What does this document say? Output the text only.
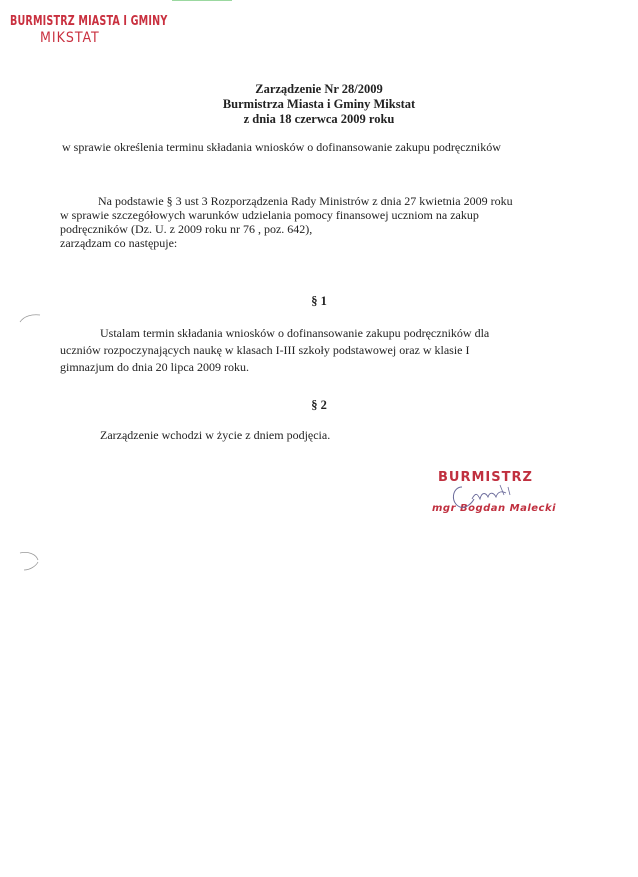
BURMISTRZ MIASTA I GMINY
MIKSTAT
Zarządzenie Nr 28/2009
Burmistrza Miasta i Gminy Mikstat
z dnia 18 czerwca 2009 roku
w sprawie określenia terminu składania wniosków o dofinansowanie zakupu podręczników
Na podstawie § 3 ust 3 Rozporządzenia Rady Ministrów z dnia 27 kwietnia 2009 roku
w sprawie szczegółowych warunków udzielania pomocy finansowej uczniom na zakup
podręczników (Dz. U. z 2009 roku nr 76 , poz. 642),
zarządzam co następuje:
§ 1
Ustalam termin składania wniosków o dofinansowanie zakupu podręczników dla
uczniów rozpoczynających naukę w klasach I-III szkoły podstawowej oraz w klasie I
gimnazjum do dnia 20 lipca 2009 roku.
§ 2
Zarządzenie wchodzi w życie z dniem podjęcia.
BURMISTRZ
mgr Bogdan Malecki
